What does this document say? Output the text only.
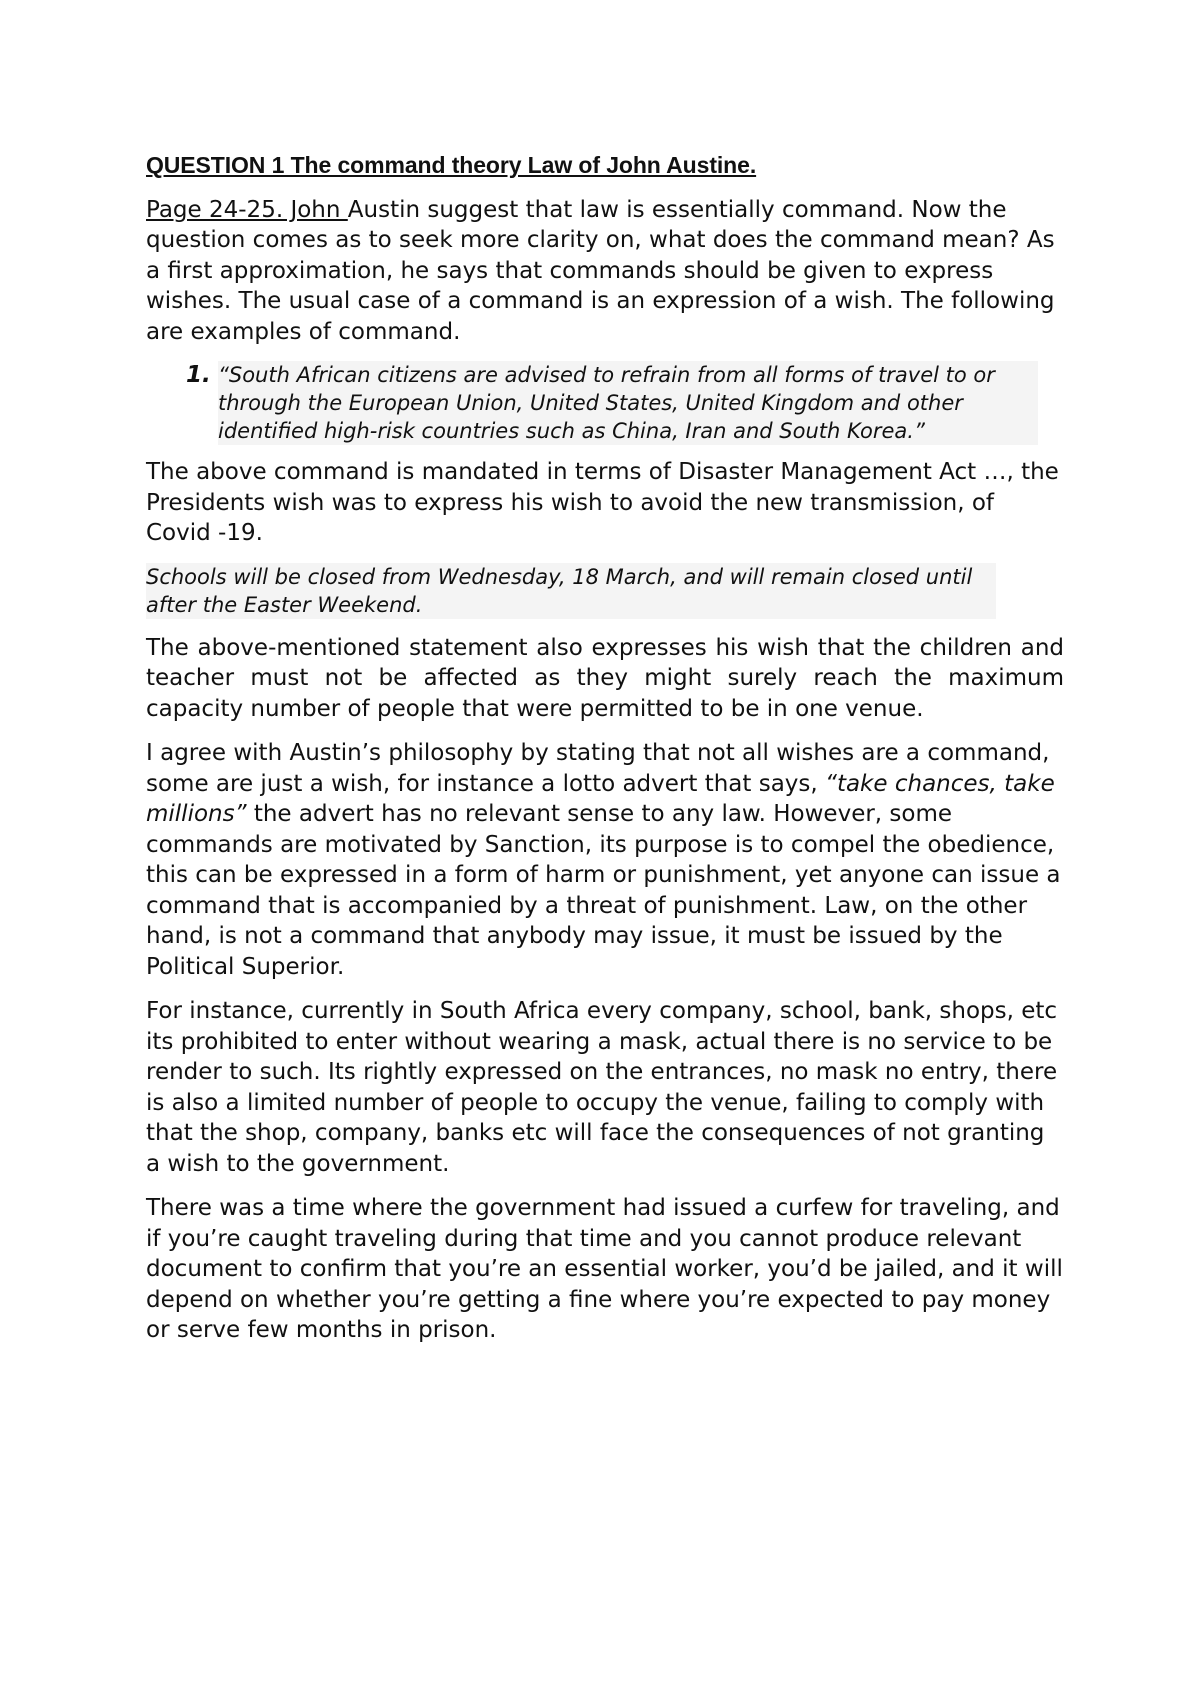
QUESTION 1 The command theory Law of John Austine.

Page 24-25. John Austin suggest that law is essentially command. Now the question comes as to seek more clarity on, what does the command mean? As a first approximation, he says that commands should be given to express wishes. The usual case of a command is an expression of a wish. The following are examples of command.

1. “South African citizens are advised to refrain from all forms of travel to or through the European Union, United States, United Kingdom and other identified high-risk countries such as China, Iran and South Korea.”

The above command is mandated in terms of Disaster Management Act …, the Presidents wish was to express his wish to avoid the new transmission, of Covid -19.

Schools will be closed from Wednesday, 18 March, and will remain closed until after the Easter Weekend.

The above-mentioned statement also expresses his wish that the children and teacher must not be affected as they might surely reach the maximum capacity number of people that were permitted to be in one venue.

I agree with Austin’s philosophy by stating that not all wishes are a command, some are just a wish, for instance a lotto advert that says, “take chances, take millions” the advert has no relevant sense to any law. However, some commands are motivated by Sanction, its purpose is to compel the obedience, this can be expressed in a form of harm or punishment, yet anyone can issue a command that is accompanied by a threat of punishment. Law, on the other hand, is not a command that anybody may issue, it must be issued by the Political Superior.

For instance, currently in South Africa every company, school, bank, shops, etc its prohibited to enter without wearing a mask, actual there is no service to be render to such. Its rightly expressed on the entrances, no mask no entry, there is also a limited number of people to occupy the venue, failing to comply with that the shop, company, banks etc will face the consequences of not granting a wish to the government.

There was a time where the government had issued a curfew for traveling, and if you’re caught traveling during that time and you cannot produce relevant document to confirm that you’re an essential worker, you’d be jailed, and it will depend on whether you’re getting a fine where you’re expected to pay money or serve few months in prison.
